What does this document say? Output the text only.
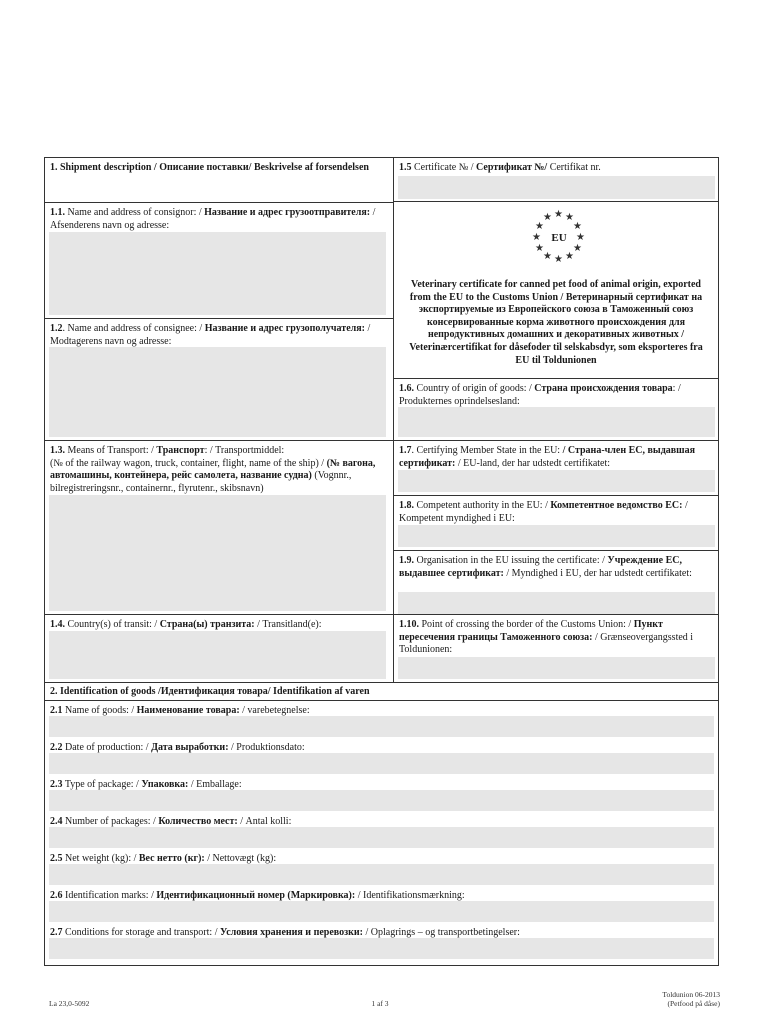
1. Shipment description / Описание поставки/ Beskrivelse af forsendelsen	1.5 Certificate № / Сертификат №/ Certifikat nr.
1.1. Name and address of consignor: / Название и адрес грузоотправителя: / Afsenderens navn og adresse:
1.2. Name and address of consignee: / Название и адрес грузополучателя: / Modtagerens navn og adresse:
★
★ ★
★	★
★	★
★	★
★ ★
★
EU
Veterinary certificate for canned pet food of animal origin, exported from the EU to the Customs Union / Ветеринарный сертификат на экспортируемые из Европейского союза в Таможенный союз консервированные корма животного происхождения для непродуктивных домашних и декоративных животных / Veterinærcertifikat for dåsefoder til selskabsdyr, som eksporteres fra EU til Toldunionen
1.6. Country of origin of goods: / Страна происхождения товара: / Produkternes oprindelsesland:
1.3. Means of Transport: / Транспорт: / Transportmiddel:
(№ of the railway wagon, truck, container, flight, name of the ship) / (№ вагона, автомашины, контейнера, рейс самолета, название судна) (Vognnr., bilregistreringsnr., containernr., flyrutenr., skibsnavn)
1.7. Certifying Member State in the EU: / Страна-член ЕС, выдавшая сертификат: / EU-land, der har udstedt certifikatet:
1.8. Competent authority in the EU: / Компетентное ведомство ЕС: / Kompetent myndighed i EU:
1.9. Organisation in the EU issuing the certificate: / Учреждение ЕС, выдавшее сертификат: / Myndighed i EU, der har udstedt certifikatet:
1.4. Country(s) of transit: / Страна(ы) транзита: / Transitland(e):	1.10. Point of crossing the border of the Customs Union: / Пункт пересечения границы Таможенного союза: / Grænseovergangssted i Toldunionen:
2. Identification of goods /Идентификация товара/ Identifikation af varen
2.1 Name of goods: / Наименование товара: / varebetegnelse:
2.2 Date of production: / Дата выработки: / Produktionsdato:
2.3 Type of package: / Упаковка: / Emballage:
2.4 Number of packages: / Количество мест: / Antal kolli:
2.5 Net weight (kg): / Вес нетто (кг): / Nettovægt (kg):
2.6 Identification marks: / Идентификационный номер (Маркировка): / Identifikationsmærkning:
2.7 Conditions for storage and transport: / Условия хранения и перевозки: / Oplagrings – og transportbetingelser:
La 23,0-5092	1 af 3
Toldunion 06-2013
(Petfood på dåse)
